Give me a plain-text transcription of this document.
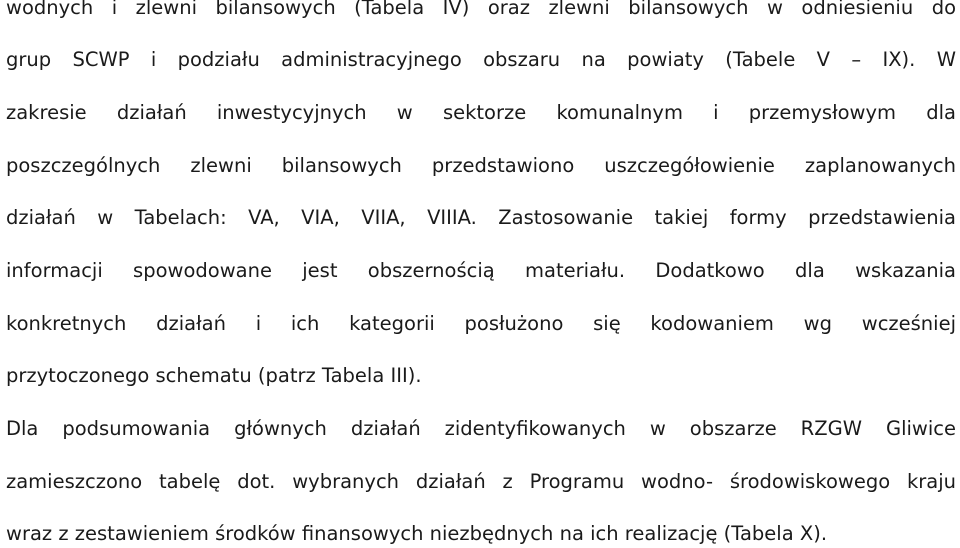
wodnych i zlewni bilansowych (Tabela IV) oraz zlewni bilansowych w odniesieniu do
grup SCWP i podziału administracyjnego obszaru na powiaty (Tabele V – IX). W
zakresie działań inwestycyjnych w sektorze komunalnym i przemysłowym dla
poszczególnych zlewni bilansowych przedstawiono uszczegółowienie zaplanowanych
działań w Tabelach: VA, VIA, VIIA, VIIIA. Zastosowanie takiej formy przedstawienia
informacji spowodowane jest obszernością materiału. Dodatkowo dla wskazania
konkretnych działań i ich kategorii posłużono się kodowaniem wg wcześniej
przytoczonego schematu (patrz Tabela III).
Dla podsumowania głównych działań zidentyfikowanych w obszarze RZGW Gliwice
zamieszczono tabelę dot. wybranych działań z Programu wodno- środowiskowego kraju
wraz z zestawieniem środków finansowych niezbędnych na ich realizację (Tabela X).
